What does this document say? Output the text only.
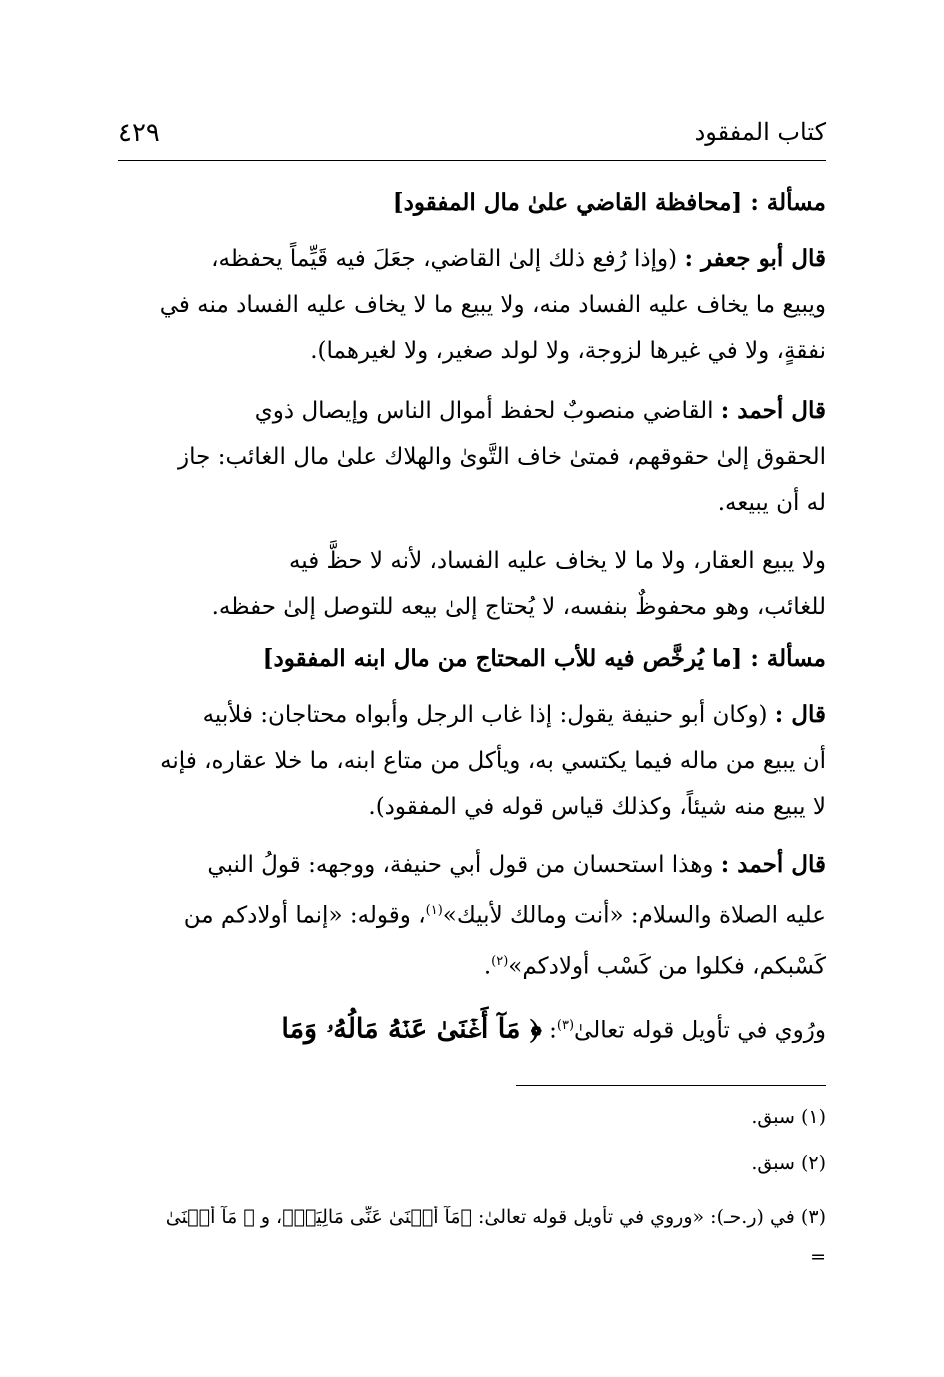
كتاب المفقود
٤٢٩
مسألة : [محافظة القاضي علىٰ مال المفقود]
قال أبو جعفر : (وإذا رُفع ذلك إلىٰ القاضي، جعَلَ فيه قَيِّماً يحفظه،
ويبيع ما يخاف عليه الفساد منه، ولا يبيع ما لا يخاف عليه الفساد منه في
نفقةٍ، ولا في غيرها لزوجة، ولا لولد صغير، ولا لغيرهما).
قال أحمد : القاضي منصوبٌ لحفظ أموال الناس وإيصال ذوي
الحقوق إلىٰ حقوقهم، فمتىٰ خاف التَّوىٰ والهلاك علىٰ مال الغائب: جاز
له أن يبيعه.
ولا يبيع العقار، ولا ما لا يخاف عليه الفساد، لأنه لا حظَّ فيه
للغائب، وهو محفوظٌ بنفسه، لا يُحتاج إلىٰ بيعه للتوصل إلىٰ حفظه.
مسألة : [ما يُرخَّص فيه للأب المحتاج من مال ابنه المفقود]
قال : (وكان أبو حنيفة يقول: إذا غاب الرجل وأبواه محتاجان: فلأبيه
أن يبيع من ماله فيما يكتسي به، ويأكل من متاع ابنه، ما خلا عقاره، فإنه
لا يبيع منه شيئاً، وكذلك قياس قوله في المفقود).
قال أحمد : وهذا استحسان من قول أبي حنيفة، ووجهه: قولُ النبي
عليه الصلاة والسلام: «أنت ومالك لأبيك»$^{(١)}$، وقوله: «إنما أولادكم من
كَسْبكم، فكلوا من كَسْب أولادكم»$^{(٢)}$.
ورُوي في تأويل قوله تعالىٰ$^{(٣)}$: ﴿ مَآ أَغۡنَىٰ عَنۡهُ مَالُهُۥ وَمَا
(١) سبق.
(٢) سبق.
(٣) في (ر.حـ): «وروي في تأويل قوله تعالىٰ: ﴿مَآ أَغۡنَىٰ عَنِّى مَالِيَهۡ﴾، و ﴿ مَآ أَغۡنَىٰ
=
